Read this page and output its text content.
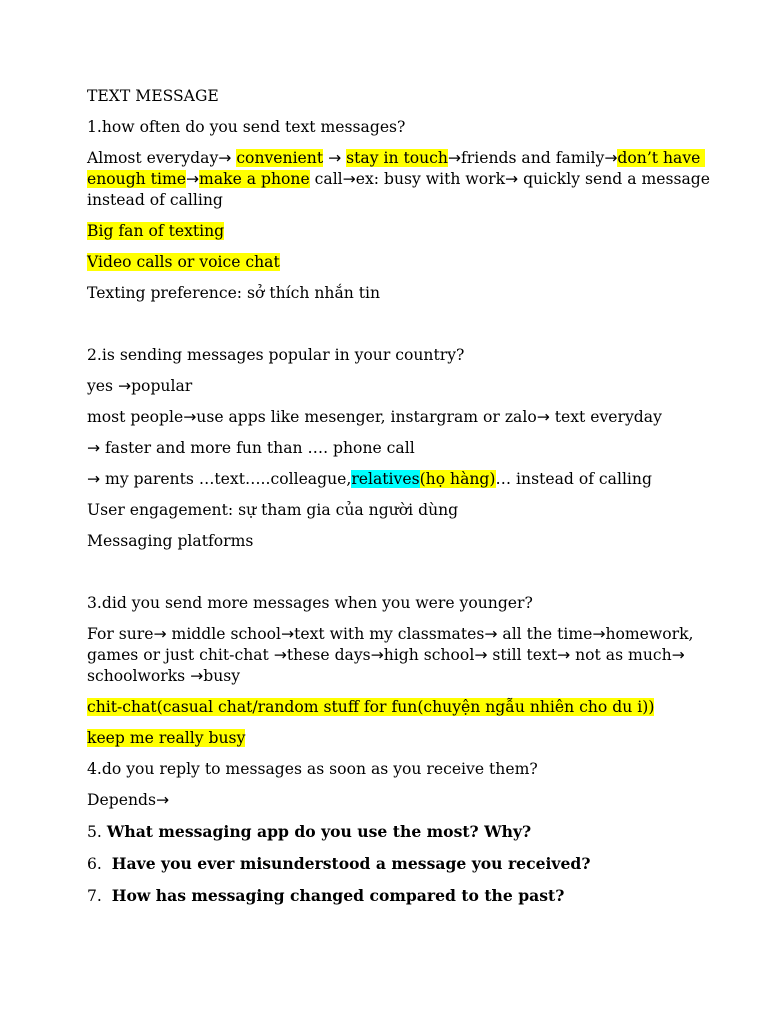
TEXT MESSAGE
1.how often do you send text messages?
Almost everyday→ convenient → stay in touch→friends and family→don’t have enough time→make a phone call→ex: busy with work→ quickly send a message instead of calling
Big fan of texting
Video calls or voice chat
Texting preference: sở thích nhắn tin
2.is sending messages popular in your country?
yes →popular
most people→use apps like mesenger, instargram or zalo→ text everyday
→ faster and more fun than …. phone call
→ my parents …text…..colleague,relatives(họ hàng)… instead of calling
User engagement: sự tham gia của người dùng
Messaging platforms
3.did you send more messages when you were younger?
For sure→ middle school→text with my classmates→ all the time→homework, games or just chit-chat →these days→high school→ still text→ not as much→ schoolworks →busy
chit-chat(casual chat/random stuff for fun(chuyện ngẫu nhiên cho du i))
keep me really busy
4.do you reply to messages as soon as you receive them?
Depends→
5. What messaging app do you use the most? Why?
6.  Have you ever misunderstood a message you received?
7.  How has messaging changed compared to the past?
